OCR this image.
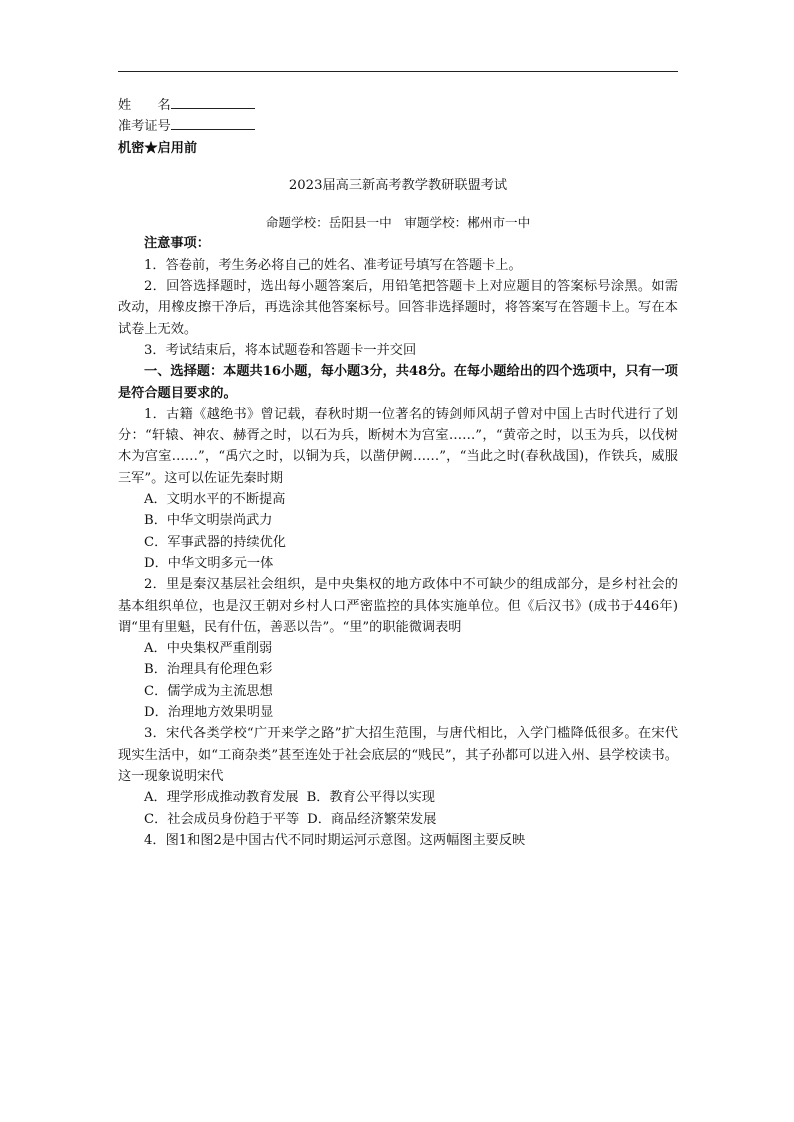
姓　　名
准考证号
机密★启用前
2023届高三新高考教学教研联盟考试
命题学校：岳阳县一中　 审题学校：郴州市一中
注意事项：
1．答卷前，考生务必将自己的姓名、准考证号填写在答题卡上。
2．回答选择题时，选出每小题答案后，用铅笔把答题卡上对应题目的答案标号涂黑。如需改动，用橡皮擦干净后，再选涂其他答案标号。回答非选择题时，将答案写在答题卡上。写在本试卷上无效。
3．考试结束后，将本试题卷和答题卡一并交回
一、选择题：本题共16小题，每小题3分，共48分。在每小题给出的四个选项中，只有一项是符合题目要求的。
1．古籍《越绝书》曾记载，春秋时期一位著名的铸剑师风胡子曾对中国上古时代进行了划分：“轩辕、神农、赫胥之时，以石为兵，断树木为宫室……”，“黄帝之时，以玉为兵，以伐树木为宫室……”，“禹穴之时，以铜为兵，以凿伊阙……”，“当此之时(春秋战国)，作铁兵，威服三军”。这可以佐证先秦时期
A．文明水平的不断提高
B．中华文明崇尚武力
C．军事武器的持续优化
D．中华文明多元一体
2．里是秦汉基层社会组织，是中央集权的地方政体中不可缺少的组成部分，是乡村社会的基本组织单位，也是汉王朝对乡村人口严密监控的具体实施单位。但《后汉书》(成书于446年)谓“里有里魁，民有什伍，善恶以告”。“里”的职能微调表明
A．中央集权严重削弱
B．治理具有伦理色彩
C．儒学成为主流思想
D．治理地方效果明显
3．宋代各类学校“广开来学之路”扩大招生范围，与唐代相比，入学门槛降低很多。在宋代现实生活中，如“工商杂类”甚至连处于社会底层的“贱民”，其子孙都可以进入州、县学校读书。这一现象说明宋代
A．理学形成推动教育发展 B．教育公平得以实现
C．社会成员身份趋于平等 D．商品经济繁荣发展
4．图1和图2是中国古代不同时期运河示意图。这两幅图主要反映
